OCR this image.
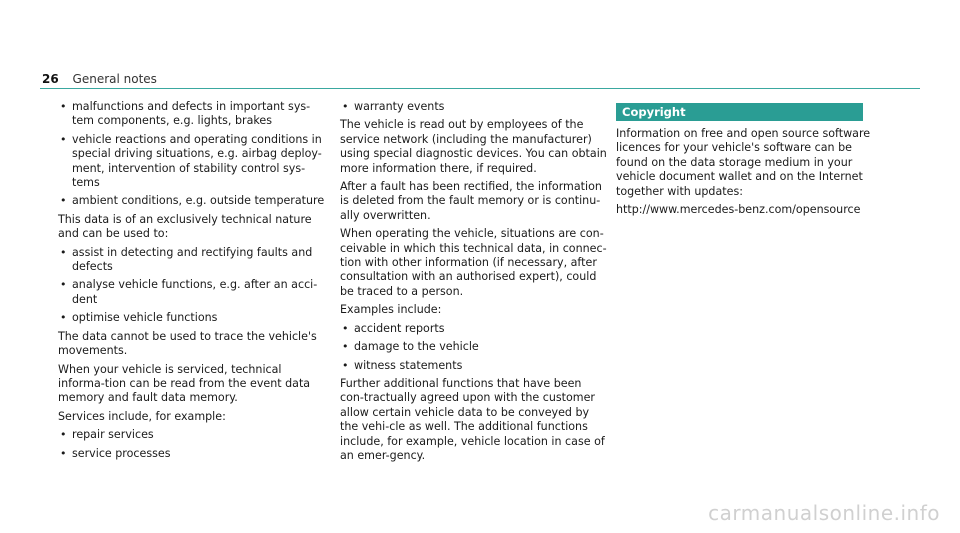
26 General notes
• malfunctions and defects in important sys-tem components, e.g. lights, brakes
• vehicle reactions and operating conditions in special driving situations, e.g. airbag deploy-ment, intervention of stability control sys-tems
• ambient conditions, e.g. outside temperature

This data is of an exclusively technical nature and can be used to:

• assist in detecting and rectifying faults and defects
• analyse vehicle functions, e.g. after an acci-dent
• optimise vehicle functions

The data cannot be used to trace the vehicle's movements.

When your vehicle is serviced, technical informa-tion can be read from the event data memory and fault data memory.

Services include, for example:

• repair services
• service processes
• warranty events

The vehicle is read out by employees of the service network (including the manufacturer) using special diagnostic devices. You can obtain more information there, if required.

After a fault has been rectified, the information is deleted from the fault memory or is continu-ally overwritten.

When operating the vehicle, situations are con-ceivable in which this technical data, in connec-tion with other information (if necessary, after consultation with an authorised expert), could be traced to a person.

Examples include:

• accident reports
• damage to the vehicle
• witness statements

Further additional functions that have been con-tractually agreed upon with the customer allow certain vehicle data to be conveyed by the vehi-cle as well. The additional functions include, for example, vehicle location in case of an emer-gency.

Copyright

Information on free and open source software licences for your vehicle's software can be found on the data storage medium in your vehicle document wallet and on the Internet together with updates:

http://www.mercedes-benz.com/opensource

carmanualsonline.info
